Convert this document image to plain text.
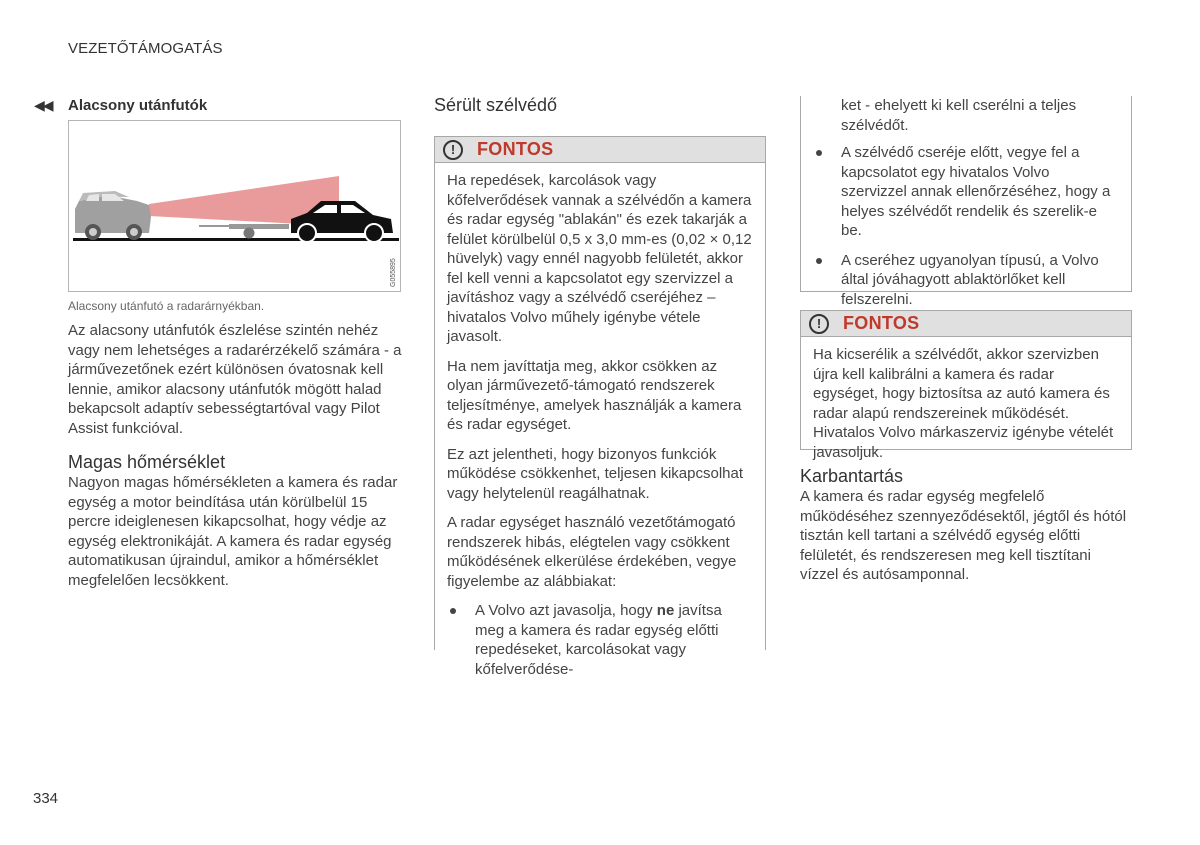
VEZETŐTÁMOGATÁS
◀◀ Alacsony utánfutók
G055895
Alacsony utánfutó a radarárnyékban.
Az alacsony utánfutók észlelése szintén nehéz vagy nem lehetséges a radarérzékelő számára - a járművezetőnek ezért különösen óvatosnak kell lennie, amikor alacsony utánfutók mögött halad bekapcsolt adaptív sebességtartóval vagy Pilot Assist funkcióval.
Magas hőmérséklet
Nagyon magas hőmérsékleten a kamera és radar egység a motor beindítása után körülbelül 15 percre ideiglenesen kikapcsolhat, hogy védje az egység elektronikáját. A kamera és radar egység automatikusan újraindul, amikor a hőmérséklet megfelelően lecsökkent.
Sérült szélvédő
!	FONTOS

Ha repedések, karcolások vagy kőfelverődések vannak a szélvédőn a kamera és radar egység "ablakán" és ezek takarják a felület körülbelül 0,5 x 3,0 mm-es (0,02 × 0,12 hüvelyk) vagy ennél nagyobb felületét, akkor fel kell venni a kapcsolatot egy szervizzel a javításhoz vagy a szélvédő cseréjéhez – hivatalos Volvo műhely igénybe vétele javasolt.

Ha nem javíttatja meg, akkor csökken az olyan járművezető-támogató rendszerek teljesítménye, amelyek használják a kamera és radar egységet.

Ez azt jelentheti, hogy bizonyos funkciók működése csökkenhet, teljesen kikapcsolhat vagy helytelenül reagálhatnak.

A radar egységet használó vezetőtámogató rendszerek hibás, elégtelen vagy csökkent működésének elkerülése érdekében, vegye figyelembe az alábbiakat:

A Volvo azt javasolja, hogy ne javítsa meg a kamera és radar egység előtti repedéseket, karcolásokat vagy kőfelverődése-
ket - ehelyett ki kell cserélni a teljes szélvédőt.
A szélvédő cseréje előtt, vegye fel a kapcsolatot egy hivatalos Volvo szervizzel annak ellenőrzéséhez, hogy a helyes szélvédőt rendelik és szerelik-e be.
A cseréhez ugyanolyan típusú, a Volvo által jóváhagyott ablaktörlőket kell felszerelni.
!	FONTOS

Ha kicserélik a szélvédőt, akkor szervizben újra kell kalibrálni a kamera és radar egységet, hogy biztosítsa az autó kamera és radar alapú rendszereinek működését. Hivatalos Volvo márkaszerviz igénybe vételét javasoljuk.

Karbantartás
A kamera és radar egység megfelelő működéséhez szennyeződésektől, jégtől és hótól tisztán kell tartani a szélvédő egység előtti felületét, és rendszeresen meg kell tisztítani vízzel és autósamponnal.
334
